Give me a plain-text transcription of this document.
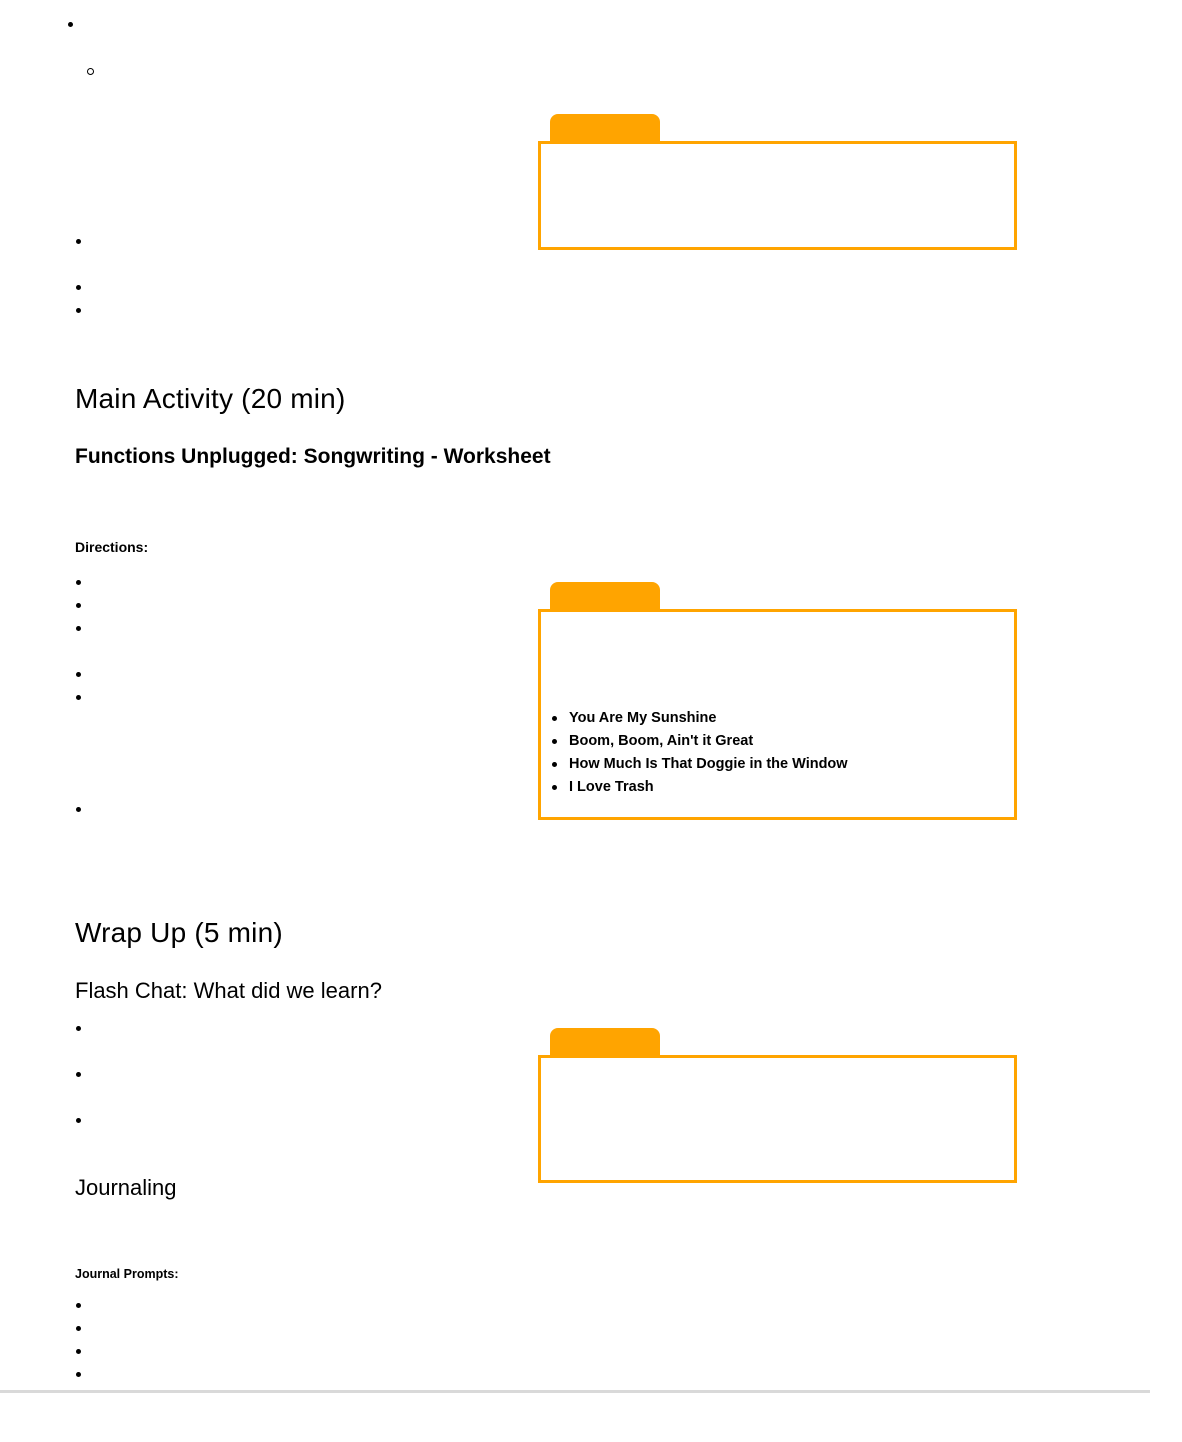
Main Activity (20 min)
Functions Unplugged: Songwriting - Worksheet
Directions:
You Are My Sunshine
Boom, Boom, Ain't it Great
How Much Is That Doggie in the Window
I Love Trash
Wrap Up (5 min)
Flash Chat: What did we learn?
Journaling
Journal Prompts:
